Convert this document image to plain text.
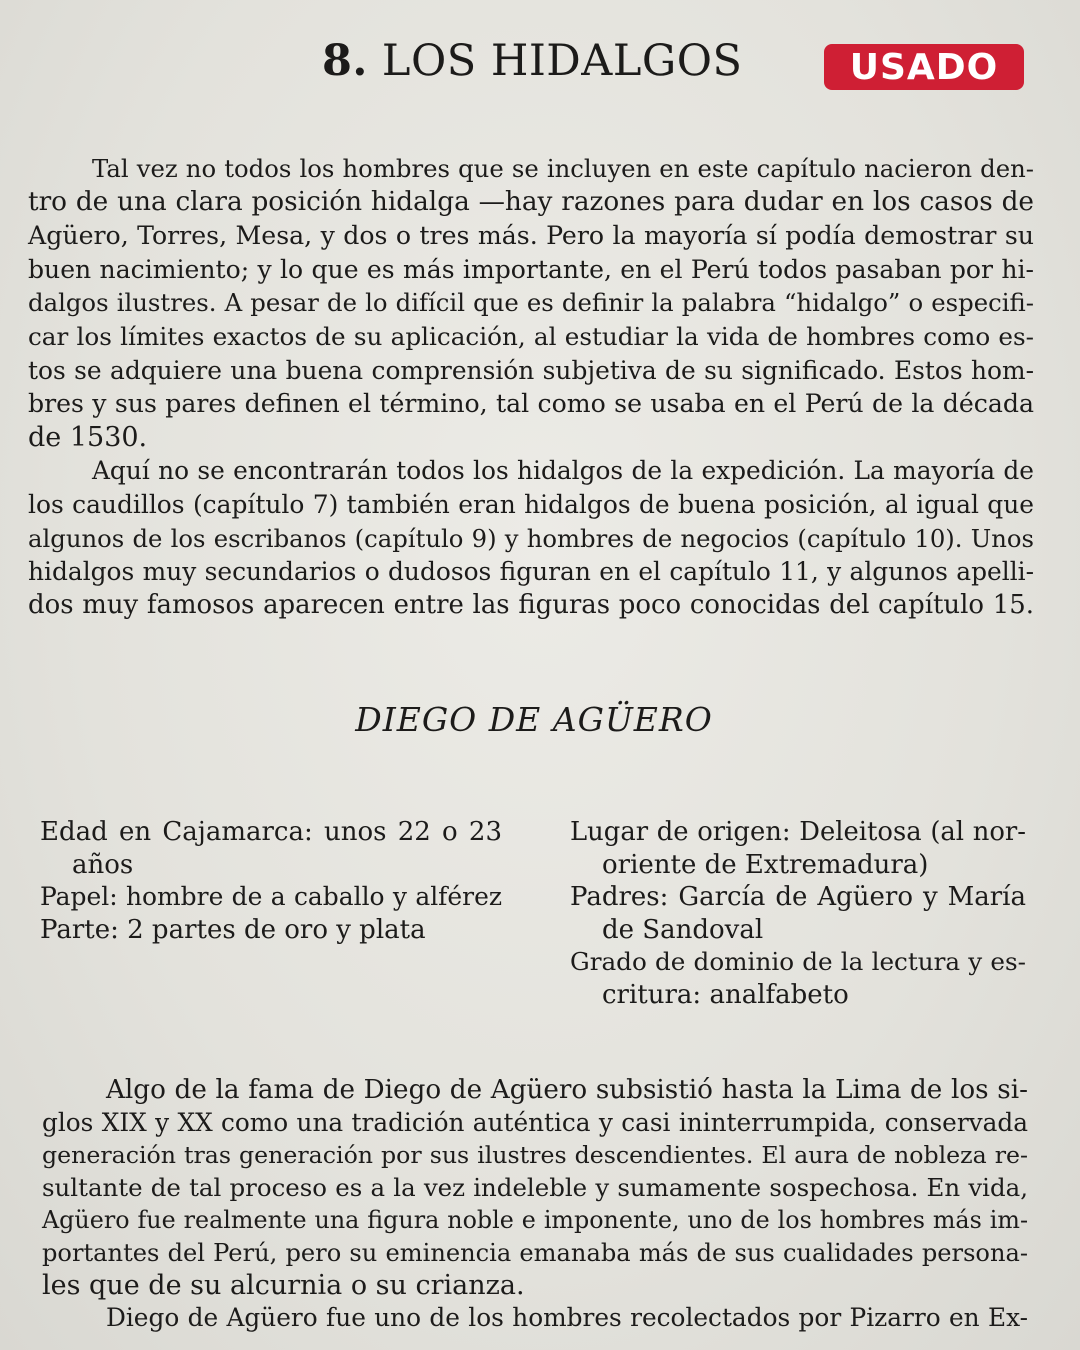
8. LOS HIDALGOS	USADO
Tal vez no todos los hombres que se incluyen en este capítulo nacieron den-
tro de una clara posición hidalga —hay razones para dudar en los casos de
Agüero, Torres, Mesa, y dos o tres más. Pero la mayoría sí podía demostrar su
buen nacimiento; y lo que es más importante, en el Perú todos pasaban por hi-
dalgos ilustres. A pesar de lo difícil que es definir la palabra “hidalgo” o especifi-
car los límites exactos de su aplicación, al estudiar la vida de hombres como es-
tos se adquiere una buena comprensión subjetiva de su significado. Estos hom-
bres y sus pares definen el término, tal como se usaba en el Perú de la década
de 1530.
Aquí no se encontrarán todos los hidalgos de la expedición. La mayoría de
los caudillos (capítulo 7) también eran hidalgos de buena posición, al igual que
algunos de los escribanos (capítulo 9) y hombres de negocios (capítulo 10). Unos
hidalgos muy secundarios o dudosos figuran en el capítulo 11, y algunos apelli-
dos muy famosos aparecen entre las figuras poco conocidas del capítulo 15.
DIEGO DE AGÜERO
Edad en Cajamarca: unos 22 o 23
años
Papel: hombre de a caballo y alférez
Parte: 2 partes de oro y plata
Lugar de origen: Deleitosa (al nor-
oriente de Extremadura)
Padres: García de Agüero y María
de Sandoval
Grado de dominio de la lectura y es-
critura: analfabeto
Algo de la fama de Diego de Agüero subsistió hasta la Lima de los si-
glos XIX y XX como una tradición auténtica y casi ininterrumpida, conservada
generación tras generación por sus ilustres descendientes. El aura de nobleza re-
sultante de tal proceso es a la vez indeleble y sumamente sospechosa. En vida,
Agüero fue realmente una figura noble e imponente, uno de los hombres más im-
portantes del Perú, pero su eminencia emanaba más de sus cualidades persona-
les que de su alcurnia o su crianza.
Diego de Agüero fue uno de los hombres recolectados por Pizarro en Ex-
